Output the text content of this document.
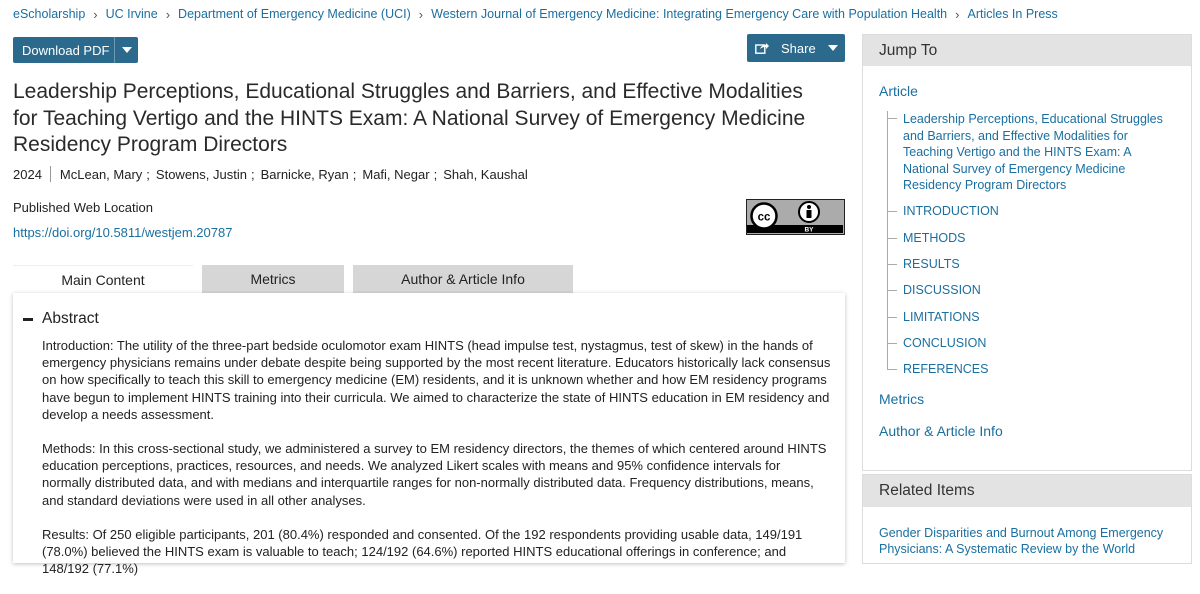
eScholarship › UC Irvine › Department of Emergency Medicine (UCI) › Western Journal of Emergency Medicine: Integrating Emergency Care with Population Health › Articles In Press
Download PDF	Share
Leadership Perceptions, Educational Struggles and Barriers, and Effective Modalities for Teaching Vertigo and the HINTS Exam: A National Survey of Emergency Medicine Residency Program Directors
2024 McLean, Mary ; Stowens, Justin ; Barnicke, Ryan ; Mafi, Negar ; Shah, Kaushal
Published Web Location
https://doi.org/10.5811/westjem.20787
cc
BY
Main Content	Metrics	Author & Article Info
Abstract

Introduction: The utility of the three-part bedside oculomotor exam HINTS (head impulse test, nystagmus, test of skew) in the hands of emergency physicians remains under debate despite being supported by the most recent literature. Educators historically lack consensus on how specifically to teach this skill to emergency medicine (EM) residents, and it is unknown whether and how EM residency programs have begun to implement HINTS training into their curricula. We aimed to characterize the state of HINTS education in EM residency and develop a needs assessment.

Methods: In this cross-sectional study, we administered a survey to EM residency directors, the themes of which centered around HINTS education perceptions, practices, resources, and needs. We analyzed Likert scales with means and 95% confidence intervals for normally distributed data, and with medians and interquartile ranges for non-normally distributed data. Frequency distributions, means, and standard deviations were used in all other analyses.

Results: Of 250 eligible participants, 201 (80.4%) responded and consented. Of the 192 respondents providing usable data, 149/191 (78.0%) believed the HINTS exam is valuable to teach; 124/192 (64.6%) reported HINTS educational offerings in conference; and 148/192 (77.1%)

Jump To
Article
Leadership Perceptions, Educational Struggles and Barriers, and Effective Modalities for Teaching Vertigo and the HINTS Exam: A National Survey of Emergency Medicine Residency Program Directors
INTRODUCTION
METHODS
RESULTS
DISCUSSION
LIMITATIONS
CONCLUSION
REFERENCES
Metrics
Author & Article Info
Related Items
Gender Disparities and Burnout Among Emergency Physicians: A Systematic Review by the World
